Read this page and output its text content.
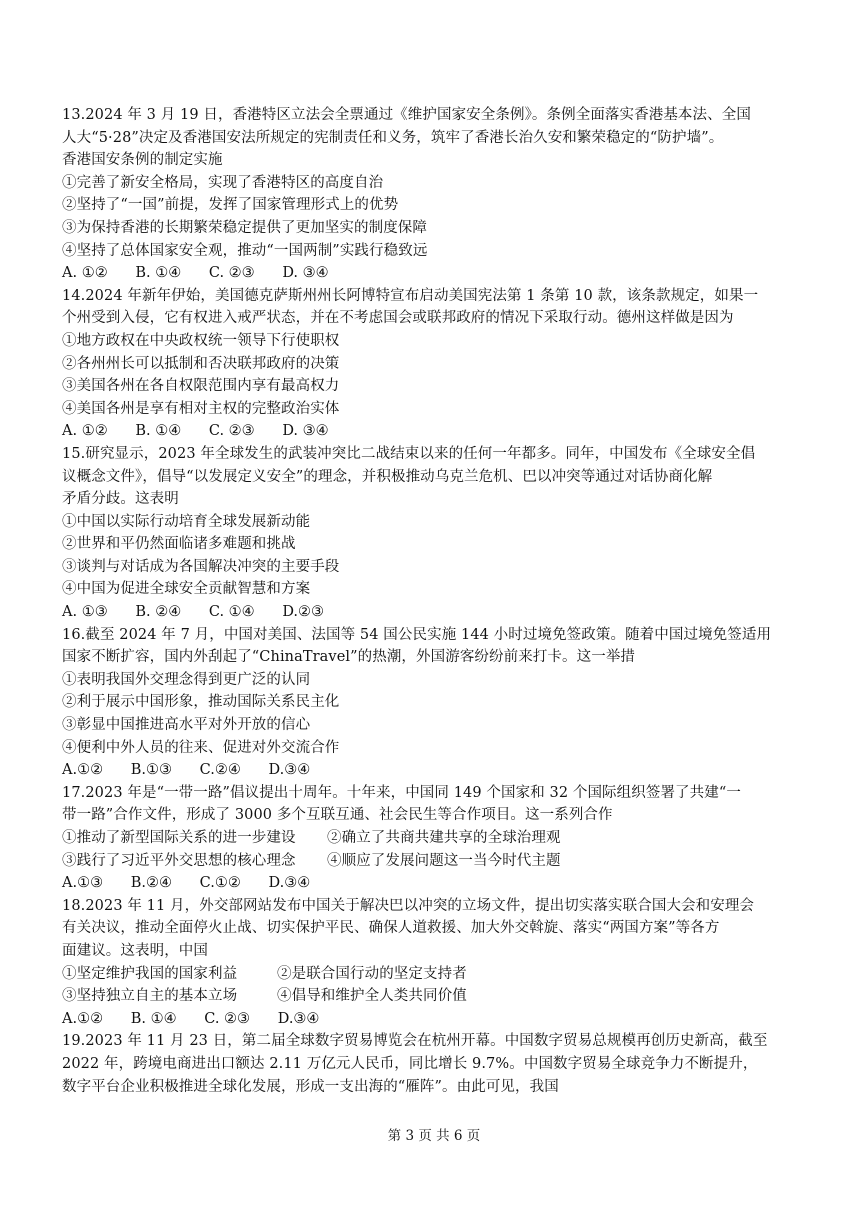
13.2024 年 3 月 19 日，香港特区立法会全票通过《维护国家安全条例》。条例全面落实香港基本法、全国
人大“5·28”决定及香港国安法所规定的宪制责任和义务，筑牢了香港长治久安和繁荣稳定的“防护墙”。
香港国安条例的制定实施
①完善了新安全格局，实现了香港特区的高度自治
②坚持了“一国”前提，发挥了国家管理形式上的优势
③为保持香港的长期繁荣稳定提供了更加坚实的制度保障
④坚持了总体国家安全观，推动“一国两制”实践行稳致远
A. ①②      B. ①④      C. ②③      D. ③④
14.2024 年新年伊始，美国德克萨斯州州长阿博特宣布启动美国宪法第 1 条第 10 款，该条款规定，如果一
个州受到入侵，它有权进入戒严状态，并在不考虑国会或联邦政府的情况下采取行动。德州这样做是因为
①地方政权在中央政权统一领导下行使职权
②各州州长可以抵制和否决联邦政府的决策
③美国各州在各自权限范围内享有最高权力
④美国各州是享有相对主权的完整政治实体
A. ①②      B. ①④      C. ②③      D. ③④
15.研究显示，2023 年全球发生的武装冲突比二战结束以来的任何一年都多。同年，中国发布《全球安全倡
议概念文件》，倡导“以发展定义安全”的理念，并积极推动乌克兰危机、巴以冲突等通过对话协商化解
矛盾分歧。这表明
①中国以实际行动培育全球发展新动能
②世界和平仍然面临诸多难题和挑战
③谈判与对话成为各国解决冲突的主要手段
④中国为促进全球安全贡献智慧和方案
A. ①③      B. ②④      C. ①④      D.②③
16.截至 2024 年 7 月，中国对美国、法国等 54 国公民实施 144 小时过境免签政策。随着中国过境免签适用
国家不断扩容，国内外刮起了“ChinaTravel”的热潮，外国游客纷纷前来打卡。这一举措
①表明我国外交理念得到更广泛的认同
②利于展示中国形象，推动国际关系民主化
③彰显中国推进高水平对外开放的信心
④便利中外人员的往来、促进对外交流合作
A.①②      B.①③      C.②④      D.③④
17.2023 年是“一带一路”倡议提出十周年。十年来，中国同 149 个国家和 32 个国际组织签署了共建“一
带一路”合作文件，形成了 3000 多个互联互通、社会民生等合作项目。这一系列合作
①推动了新型国际关系的进一步建设	②确立了共商共建共享的全球治理观
③践行了习近平外交思想的核心理念	④顺应了发展问题这一当今时代主题
A.①③      B.②④      C.①②      D.③④
18.2023 年 11 月，外交部网站发布中国关于解决巴以冲突的立场文件，提出切实落实联合国大会和安理会
有关决议，推动全面停火止战、切实保护平民、确保人道救援、加大外交斡旋、落实“两国方案”等各方
面建议。这表明，中国
①坚定维护我国的国家利益	②是联合国行动的坚定支持者
③坚持独立自主的基本立场	④倡导和维护全人类共同价值
A.①②      B. ①④      C. ②③      D.③④
19.2023 年 11 月 23 日，第二届全球数字贸易博览会在杭州开幕。中国数字贸易总规模再创历史新高，截至
2022 年，跨境电商进出口额达 2.11 万亿元人民币，同比增长 9.7%。中国数字贸易全球竞争力不断提升，
数字平台企业积极推进全球化发展，形成一支出海的“雁阵”。由此可见，我国
第 3 页 共 6 页
